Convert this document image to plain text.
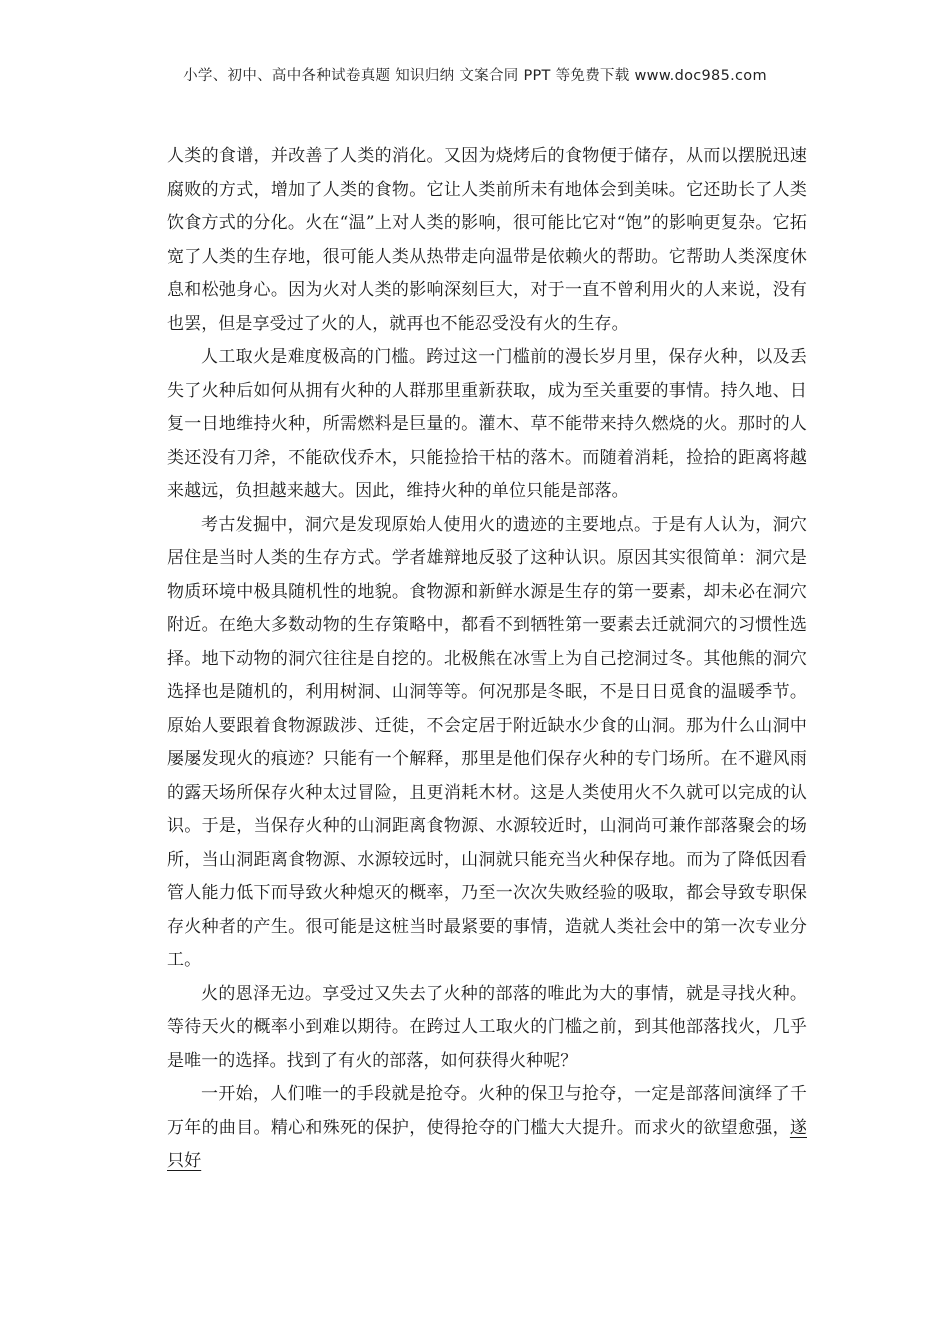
小学、初中、高中各种试卷真题 知识归纳 文案合同 PPT 等免费下载 www.doc985.com

人类的食谱，并改善了人类的消化。又因为烧烤后的食物便于储存，从而以摆脱迅速腐败的方式，增加了人类的食物。它让人类前所未有地体会到美味。它还助长了人类饮食方式的分化。火在“温”上对人类的影响，很可能比它对“饱”的影响更复杂。它拓宽了人类的生存地，很可能人类从热带走向温带是依赖火的帮助。它帮助人类深度休息和松弛身心。因为火对人类的影响深刻巨大，对于一直不曾利用火的人来说，没有也罢，但是享受过了火的人，就再也不能忍受没有火的生存。

人工取火是难度极高的门槛。跨过这一门槛前的漫长岁月里，保存火种，以及丢失了火种后如何从拥有火种的人群那里重新获取，成为至关重要的事情。持久地、日复一日地维持火种，所需燃料是巨量的。灌木、草不能带来持久燃烧的火。那时的人类还没有刀斧，不能砍伐乔木，只能捡拾干枯的落木。而随着消耗，捡拾的距离将越来越远，负担越来越大。因此，维持火种的单位只能是部落。

考古发掘中，洞穴是发现原始人使用火的遗迹的主要地点。于是有人认为，洞穴居住是当时人类的生存方式。学者雄辩地反驳了这种认识。原因其实很简单：洞穴是物质环境中极具随机性的地貌。食物源和新鲜水源是生存的第一要素，却未必在洞穴附近。在绝大多数动物的生存策略中，都看不到牺牲第一要素去迁就洞穴的习惯性选择。地下动物的洞穴往往是自挖的。北极熊在冰雪上为自己挖洞过冬。其他熊的洞穴选择也是随机的，利用树洞、山洞等等。何况那是冬眠，不是日日觅食的温暖季节。原始人要跟着食物源跋涉、迁徙，不会定居于附近缺水少食的山洞。那为什么山洞中屡屡发现火的痕迹？只能有一个解释，那里是他们保存火种的专门场所。在不避风雨的露天场所保存火种太过冒险，且更消耗木材。这是人类使用火不久就可以完成的认识。于是，当保存火种的山洞距离食物源、水源较近时，山洞尚可兼作部落聚会的场所，当山洞距离食物源、水源较远时，山洞就只能充当火种保存地。而为了降低因看管人能力低下而导致火种熄灭的概率，乃至一次次失败经验的吸取，都会导致专职保存火种者的产生。很可能是这桩当时最紧要的事情，造就人类社会中的第一次专业分工。

火的恩泽无边。享受过又失去了火种的部落的唯此为大的事情，就是寻找火种。等待天火的概率小到难以期待。在跨过人工取火的门槛之前，到其他部落找火，几乎是唯一的选择。找到了有火的部落，如何获得火种呢？

一开始，人们唯一的手段就是抢夺。火种的保卫与抢夺，一定是部落间演绎了千万年的曲目。精心和殊死的保护，使得抢夺的门槛大大提升。而求火的欲望愈强，遂只好
